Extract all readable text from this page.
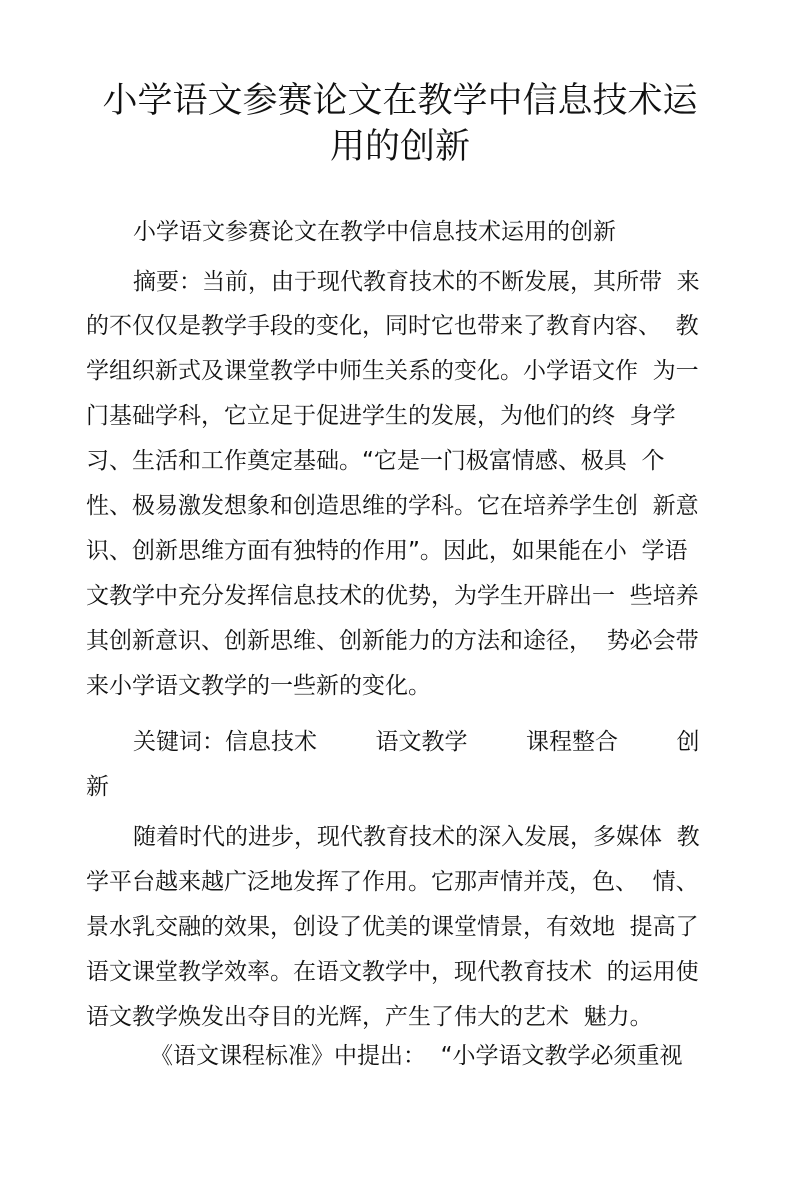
小学语文参赛论文在教学中信息技术运
用的创新

小学语文参赛论文在教学中信息技术运用的创新

摘要：当前，由于现代教育技术的不断发展，其所带  来

的不仅仅是教学手段的变化，同时它也带来了教育内容、  教

学组织新式及课堂教学中师生关系的变化。小学语文作  为一

门基础学科，它立足于促进学生的发展，为他们的终  身学

习、生活和工作奠定基础。“它是一门极富情感、极具  个

性、极易激发想象和创造思维的学科。它在培养学生创  新意

识、创新思维方面有独特的作用”。因此，如果能在小  学语

文教学中充分发挥信息技术的优势，为学生开辟出一  些培养

其创新意识、创新思维、创新能力的方法和途径，  势必会带

来小学语文教学的一些新的变化。

关键词：信息技术        语文教学        课程整合        创

新

随着时代的进步，现代教育技术的深入发展，多媒体  教

学平台越来越广泛地发挥了作用。它那声情并茂，色、  情、

景水乳交融的效果，创设了优美的课堂情景，有效地  提高了

语文课堂教学效率。在语文教学中，现代教育技术  的运用使

语文教学焕发出夺目的光辉，产生了伟大的艺术  魅力。

《语文课程标准》中提出：  “小学语文教学必须重视
